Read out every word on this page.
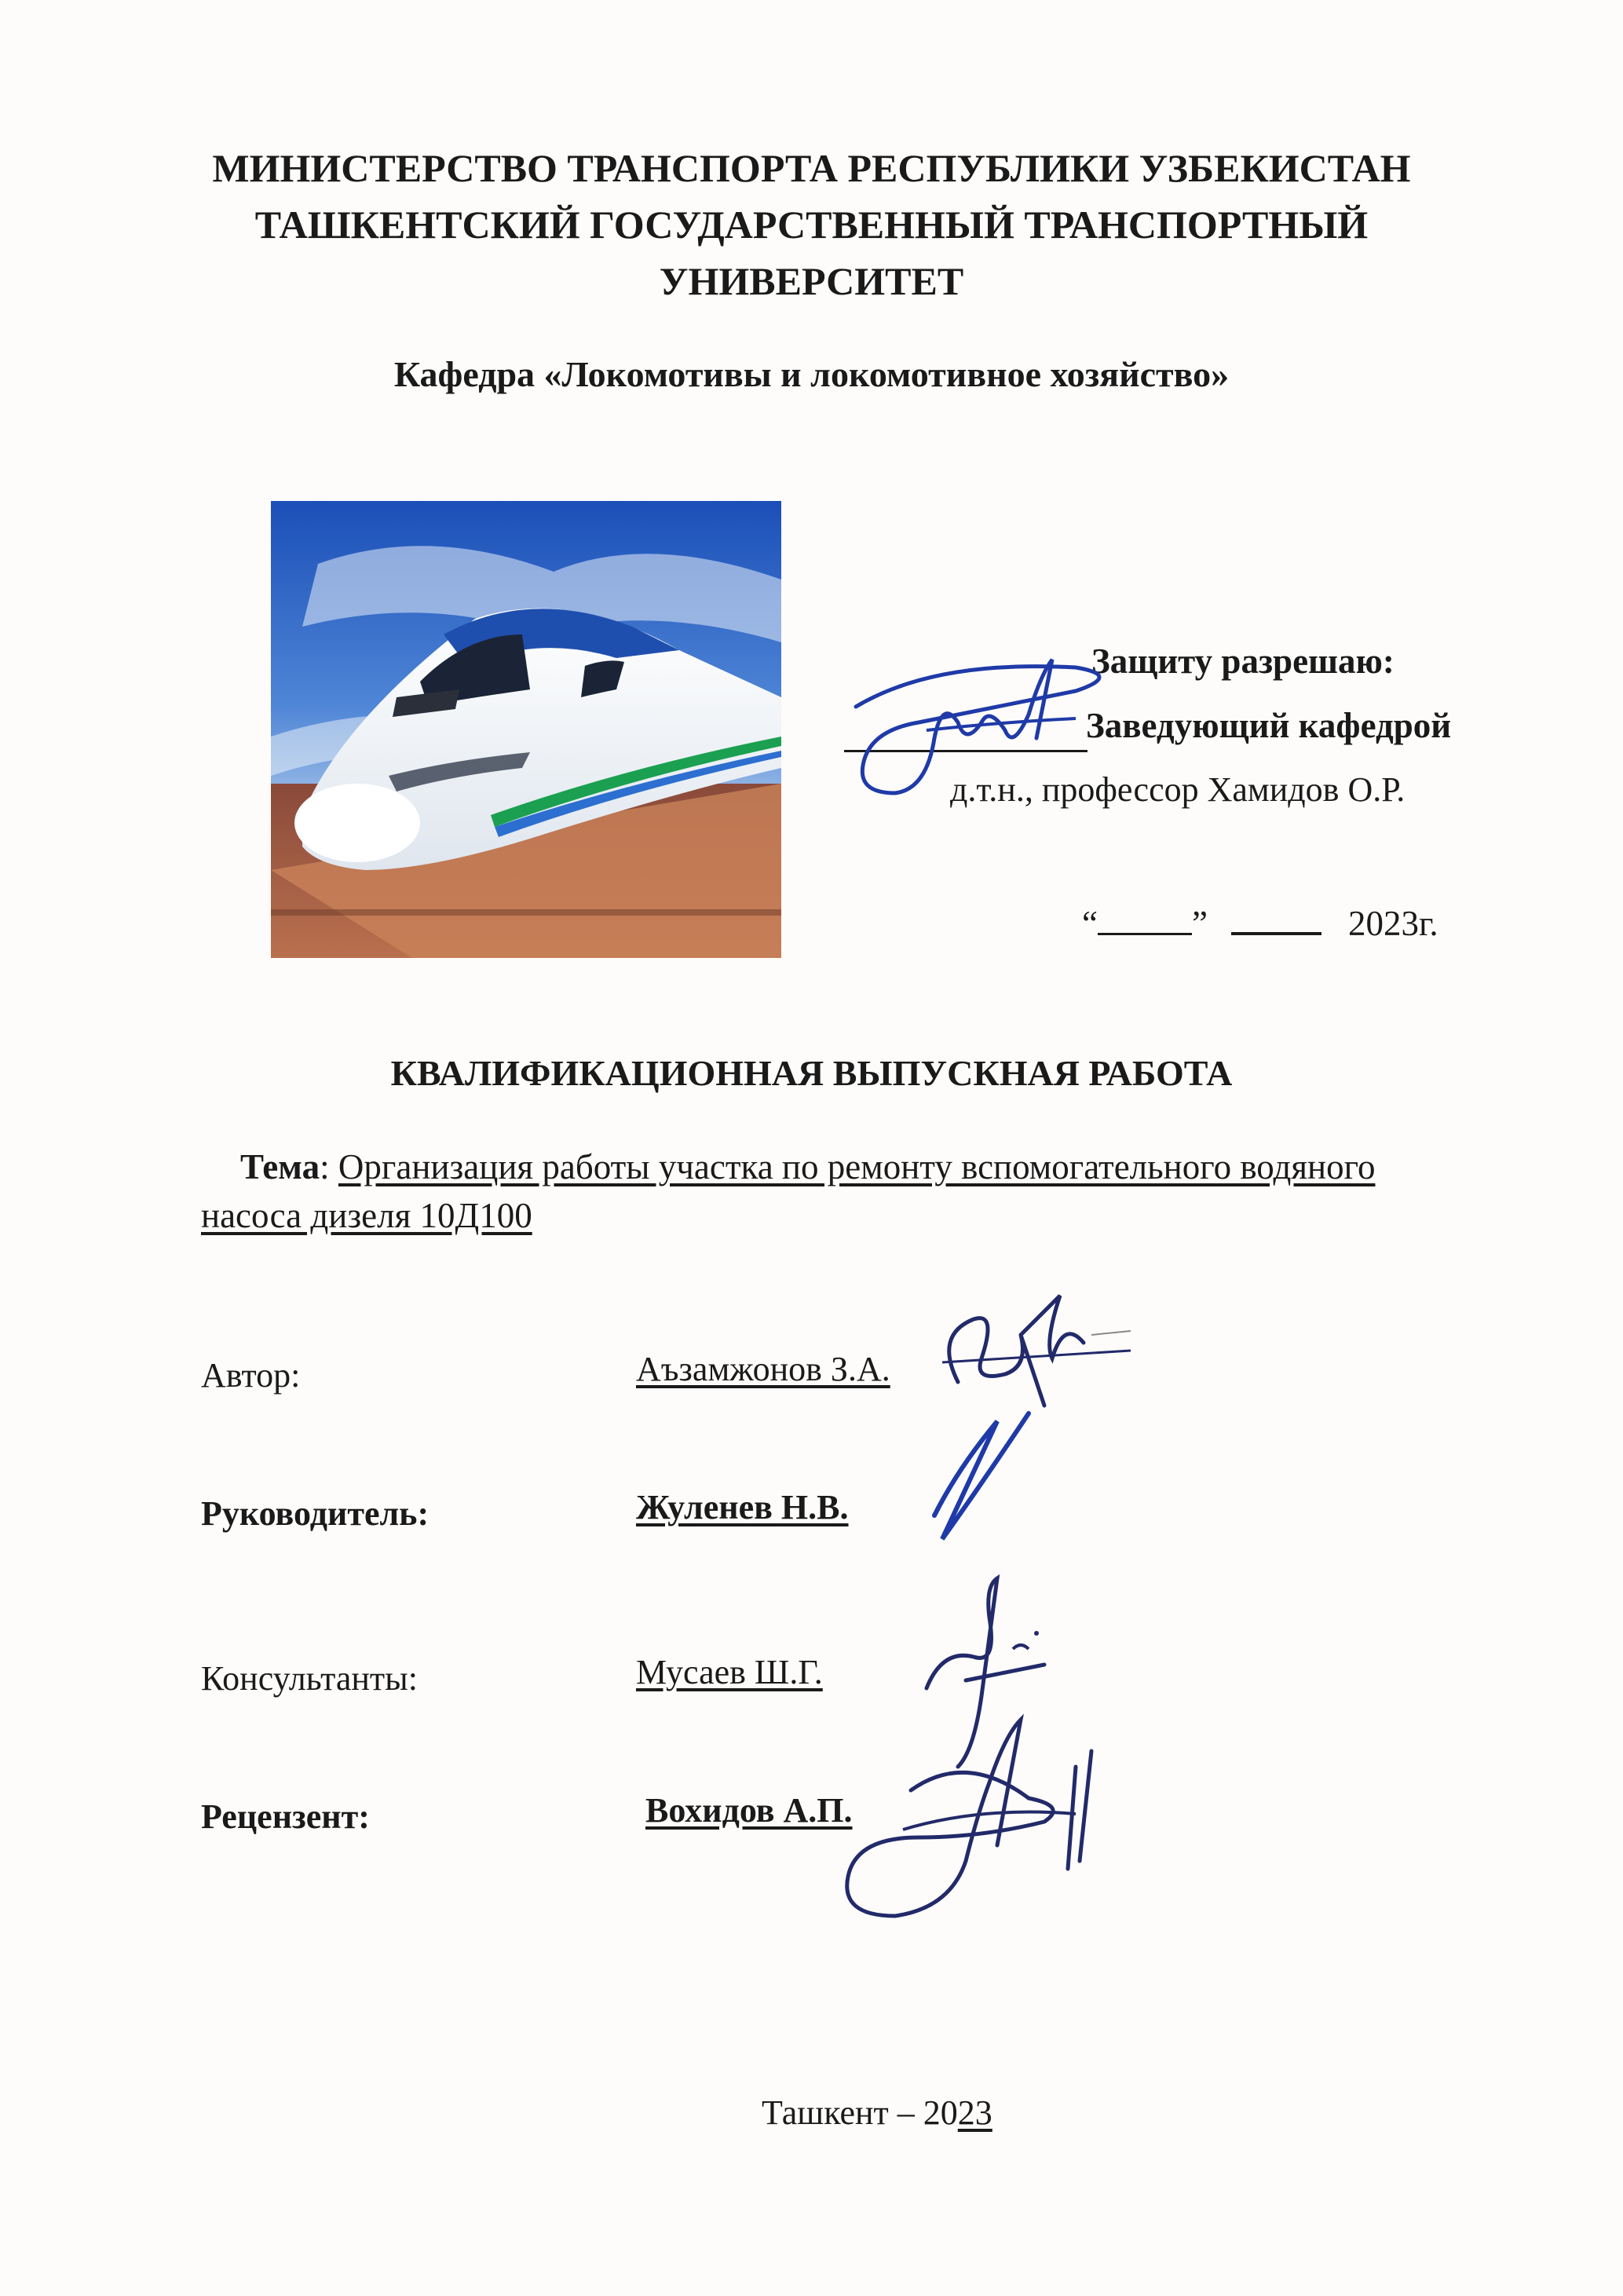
МИНИСТЕРСТВО ТРАНСПОРТА РЕСПУБЛИКИ УЗБЕКИСТАН
ТАШКЕНТСКИЙ ГОСУДАРСТВЕННЫЙ ТРАНСПОРТНЫЙ
УНИВЕРСИТЕТ
Кафедра «Локомотивы и локомотивное хозяйство»
Защиту разрешаю:
Заведующий кафедрой
д.т.н., профессор Хамидов О.Р.
“	”	2023г.
КВАЛИФИКАЦИОННАЯ ВЫПУСКНАЯ РАБОТА
Тема: Организация работы участка по ремонту вспомогательного водяного насоса дизеля 10Д100
Автор:	Аъзамжонов З.А.
Руководитель:	Жуленев Н.В.
Консультанты:	Мусаев Ш.Г.
Рецензент:	Вохидов А.П.
Ташкент – 2023
